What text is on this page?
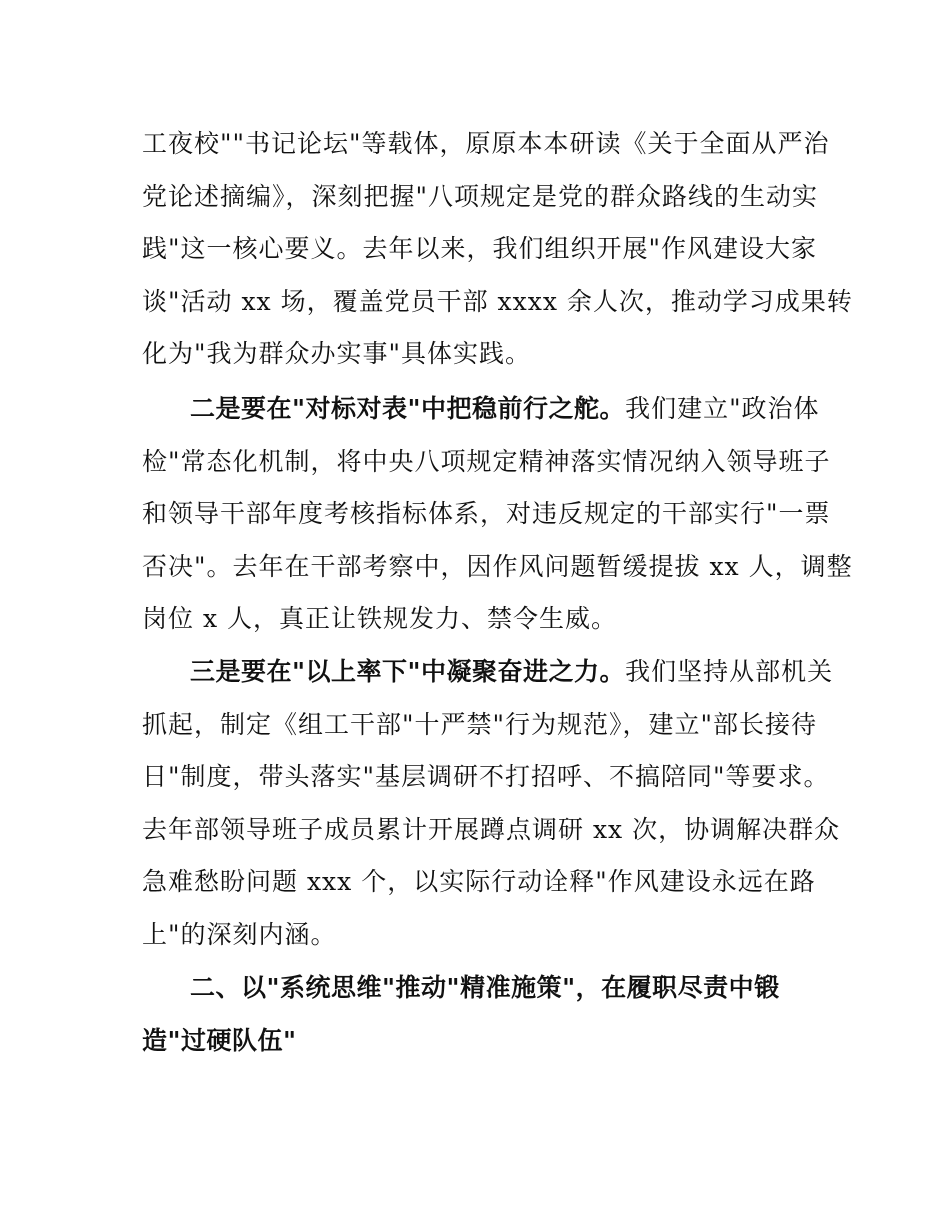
工夜校""书记论坛"等载体，原原本本研读《关于全面从严治
党论述摘编》，深刻把握"八项规定是党的群众路线的生动实
践"这一核心要义。去年以来，我们组织开展"作风建设大家
谈"活动 xx 场，覆盖党员干部 xxxx 余人次，推动学习成果转
化为"我为群众办实事"具体实践。
二是要在"对标对表"中把稳前行之舵。我们建立"政治体
检"常态化机制，将中央八项规定精神落实情况纳入领导班子
和领导干部年度考核指标体系，对违反规定的干部实行"一票
否决"。去年在干部考察中，因作风问题暂缓提拔 xx 人，调整
岗位 x 人，真正让铁规发力、禁令生威。
三是要在"以上率下"中凝聚奋进之力。我们坚持从部机关
抓起，制定《组工干部"十严禁"行为规范》，建立"部长接待
日"制度，带头落实"基层调研不打招呼、不搞陪同"等要求。
去年部领导班子成员累计开展蹲点调研 xx 次，协调解决群众
急难愁盼问题 xxx 个，以实际行动诠释"作风建设永远在路
上"的深刻内涵。
二、以"系统思维"推动"精准施策"，在履职尽责中锻
造"过硬队伍"
